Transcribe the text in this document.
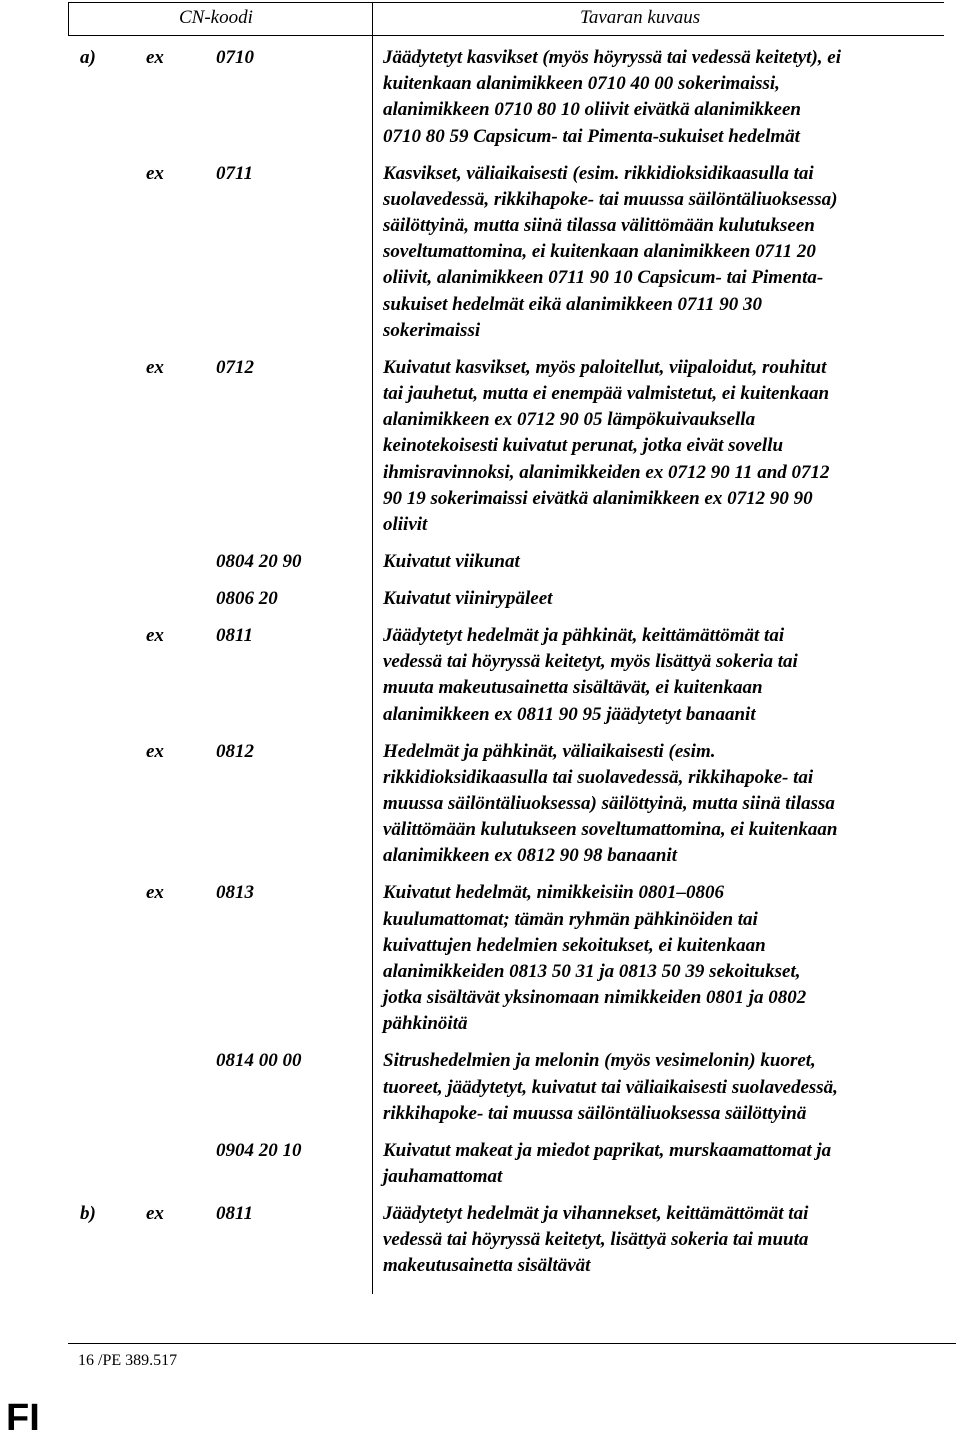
CN-koodi	Tavaran kuvaus
a)	ex	0710	Jäädytetyt kasvikset (myös höyryssä tai vedessä keitetyt), ei
kuitenkaan alanimikkeen 0710 40 00 sokerimaissi,
alanimikkeen 0710 80 10 oliivit eivätkä alanimikkeen
0710 80 59 Capsicum- tai Pimenta-sukuiset hedelmät
ex	0711	Kasvikset, väliaikaisesti (esim. rikkidioksidikaasulla tai
suolavedessä, rikkihapoke- tai muussa säilöntäliuoksessa)
säilöttyinä, mutta siinä tilassa välittömään kulutukseen
soveltumattomina, ei kuitenkaan alanimikkeen 0711 20
oliivit, alanimikkeen 0711 90 10 Capsicum- tai Pimenta-
sukuiset hedelmät eikä alanimikkeen 0711 90 30
sokerimaissi
ex	0712	Kuivatut kasvikset, myös paloitellut, viipaloidut, rouhitut
tai jauhetut, mutta ei enempää valmistetut, ei kuitenkaan
alanimikkeen ex 0712 90 05 lämpökuivauksella
keinotekoisesti kuivatut perunat, jotka eivät sovellu
ihmisravinnoksi, alanimikkeiden ex 0712 90 11 and 0712
90 19 sokerimaissi eivätkä alanimikkeen ex 0712 90 90
oliivit
0804 20 90	Kuivatut viikunat
0806 20	Kuivatut viinirypäleet
ex	0811	Jäädytetyt hedelmät ja pähkinät, keittämättömät tai
vedessä tai höyryssä keitetyt, myös lisättyä sokeria tai
muuta makeutusainetta sisältävät, ei kuitenkaan
alanimikkeen ex 0811 90 95 jäädytetyt banaanit
ex	0812	Hedelmät ja pähkinät, väliaikaisesti (esim.
rikkidioksidikaasulla tai suolavedessä, rikkihapoke- tai
muussa säilöntäliuoksessa) säilöttyinä, mutta siinä tilassa
välittömään kulutukseen soveltumattomina, ei kuitenkaan
alanimikkeen ex 0812 90 98 banaanit
ex	0813	Kuivatut hedelmät, nimikkeisiin 0801–0806
kuulumattomat; tämän ryhmän pähkinöiden tai
kuivattujen hedelmien sekoitukset, ei kuitenkaan
alanimikkeiden 0813 50 31 ja 0813 50 39 sekoitukset,
jotka sisältävät yksinomaan nimikkeiden 0801 ja 0802
pähkinöitä
0814 00 00	Sitrushedelmien ja melonin (myös vesimelonin) kuoret,
tuoreet, jäädytetyt, kuivatut tai väliaikaisesti suolavedessä,
rikkihapoke- tai muussa säilöntäliuoksessa säilöttyinä
0904 20 10	Kuivatut makeat ja miedot paprikat, murskaamattomat ja
jauhamattomat
b)	ex	0811	Jäädytetyt hedelmät ja vihannekset, keittämättömät tai
vedessä tai höyryssä keitetyt, lisättyä sokeria tai muuta
makeutusainetta sisältävät
16 /PE 389.517
FI
